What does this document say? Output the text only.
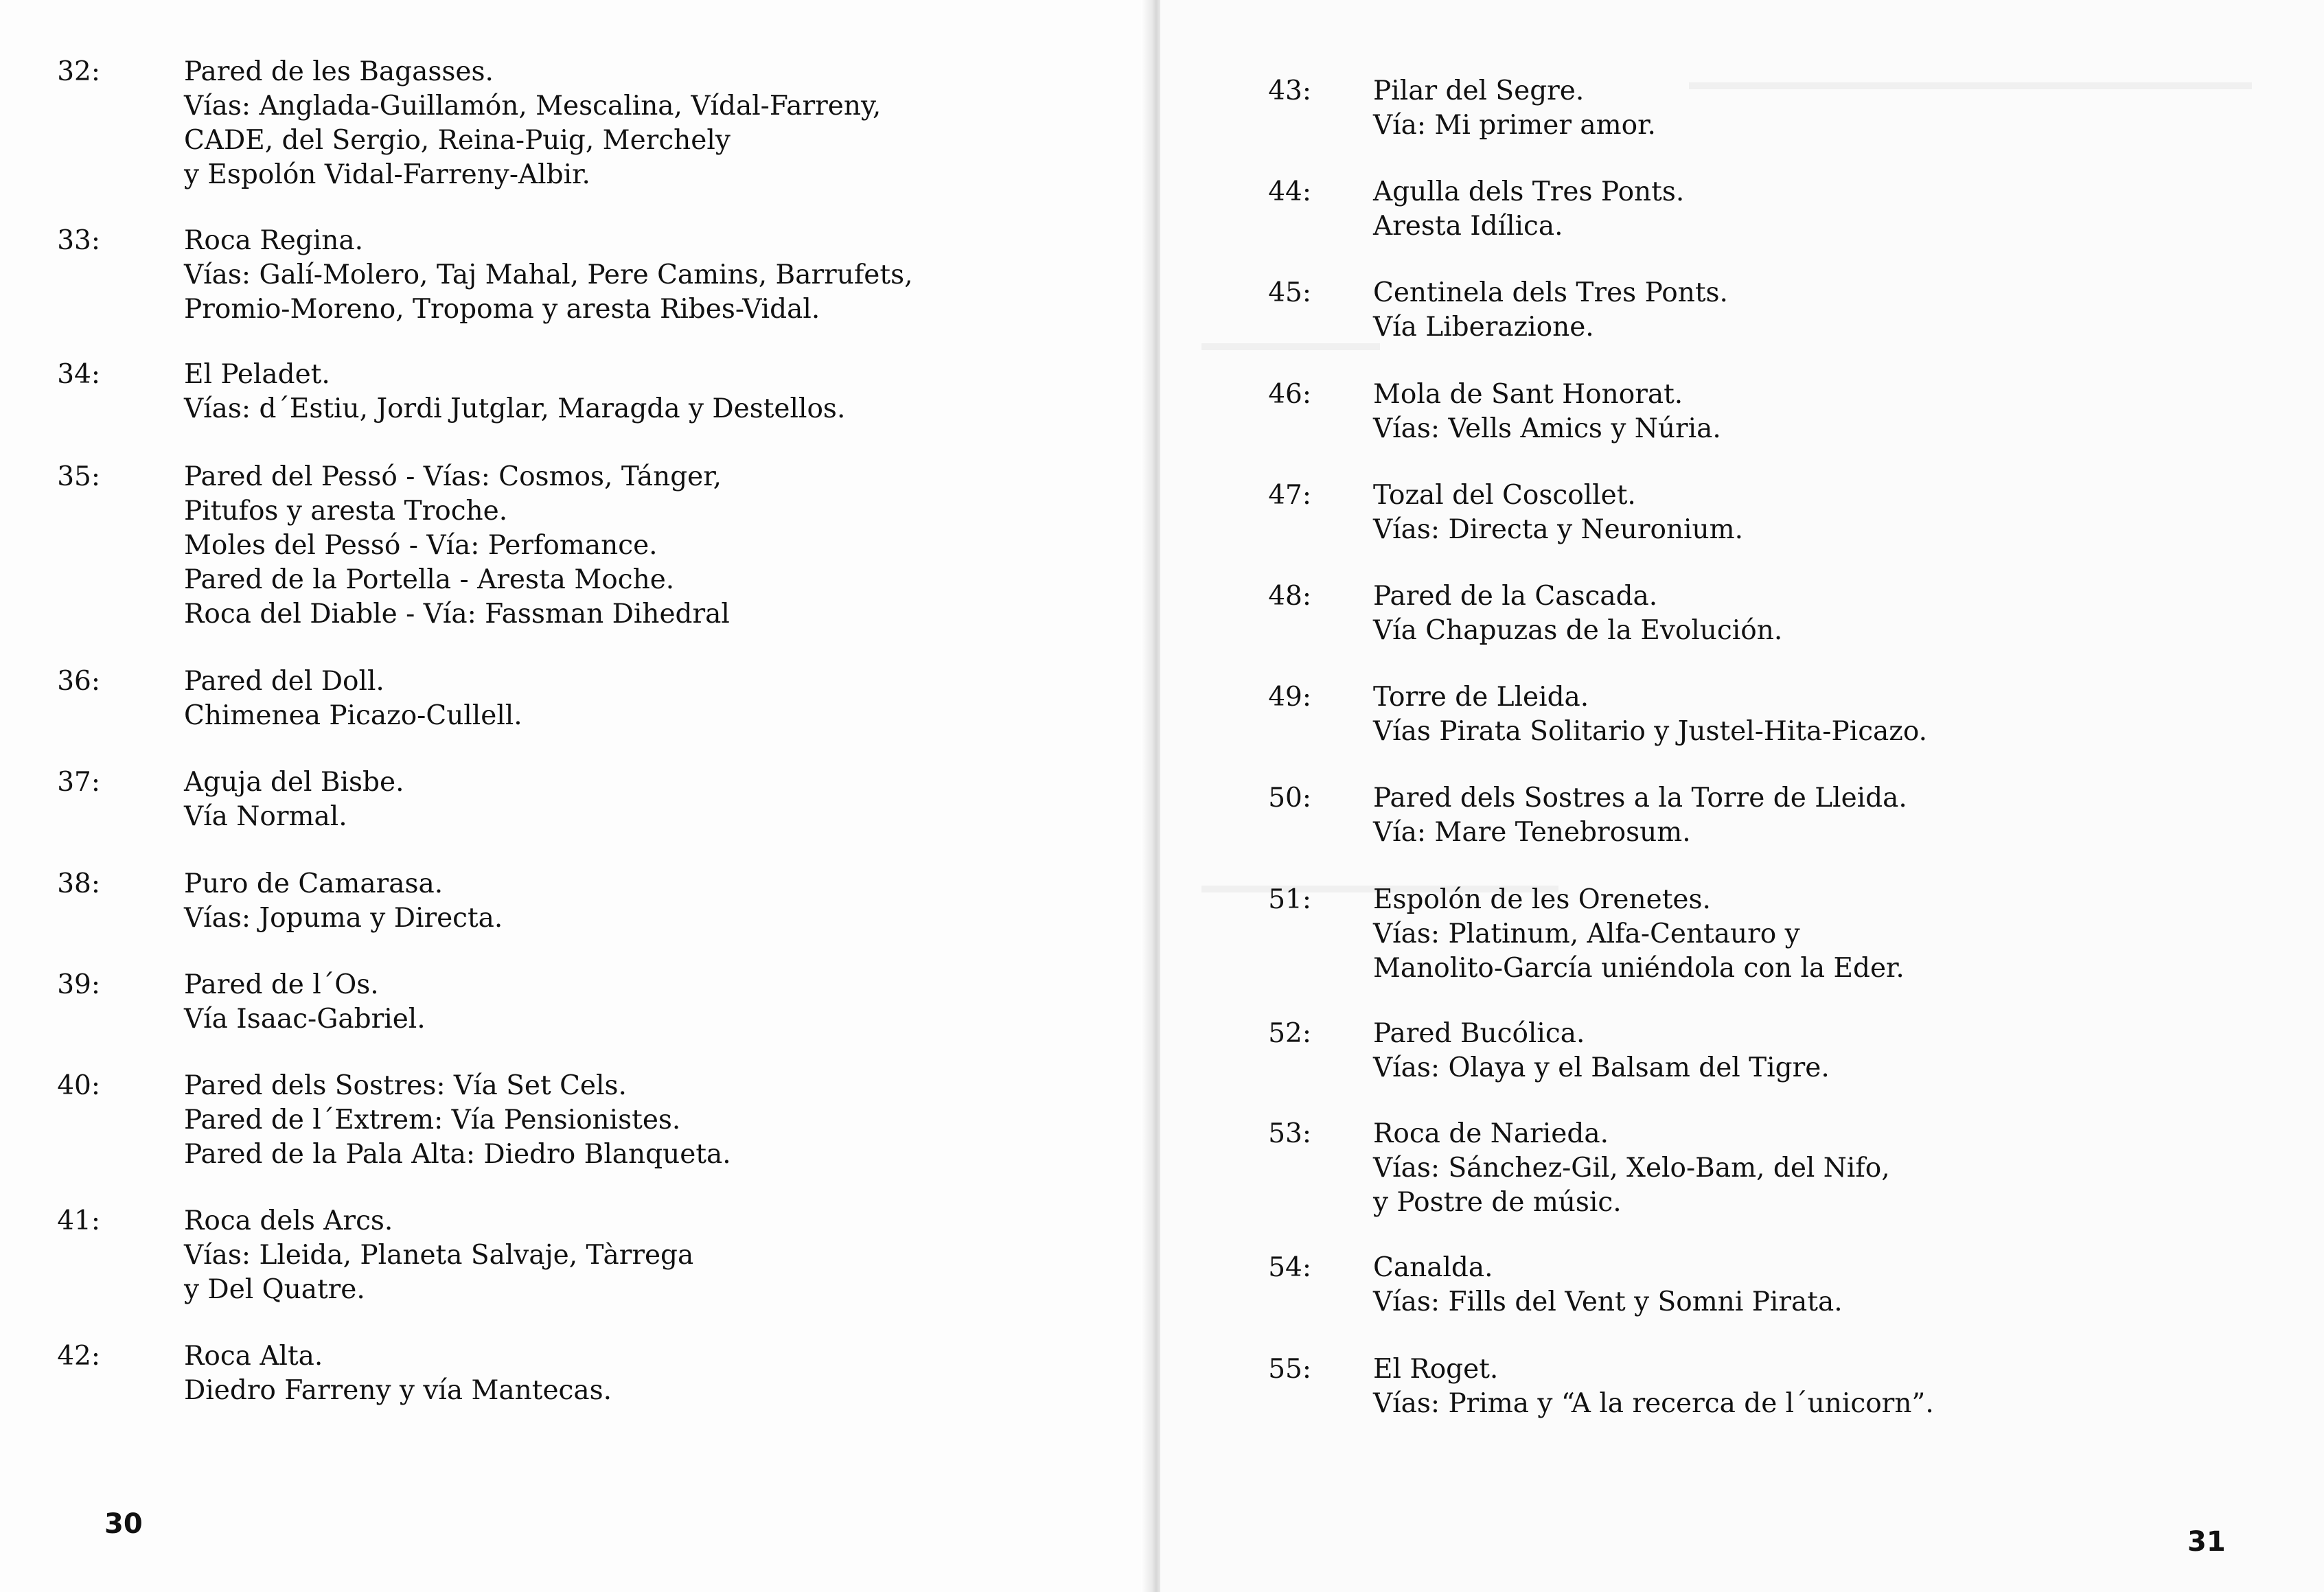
32:	Pared de les Bagasses.
Vías: Anglada-Guillamón, Mescalina, Vídal-Farreny,
CADE, del Sergio, Reina-Puig, Merchely
y Espolón Vidal-Farreny-Albir.
33:	Roca Regina.
Vías: Galí-Molero, Taj Mahal, Pere Camins, Barrufets,
Promio-Moreno, Tropoma y aresta Ribes-Vidal.
34:	El Peladet.
Vías: d´Estiu, Jordi Jutglar, Maragda y Destellos.
35:	Pared del Pessó - Vías: Cosmos, Tánger,
Pitufos y aresta Troche.
Moles del Pessó - Vía: Perfomance.
Pared de la Portella - Aresta Moche.
Roca del Diable - Vía: Fassman Dihedral
36:	Pared del Doll.
Chimenea Picazo-Cullell.
37:	Aguja del Bisbe.
Vía Normal.
38:	Puro de Camarasa.
Vías: Jopuma y Directa.
39:	Pared de l´Os.
Vía Isaac-Gabriel.
40:	Pared dels Sostres: Vía Set Cels.
Pared de l´Extrem: Vía Pensionistes.
Pared de la Pala Alta: Diedro Blanqueta.
41:	Roca dels Arcs.
Vías: Lleida, Planeta Salvaje, Tàrrega
y Del Quatre.
42:	Roca Alta.
Diedro Farreny y vía Mantecas.
30
43: Pilar del Segre.
Vía: Mi primer amor.
44: Agulla dels Tres Ponts.
Aresta Idílica.
45: Centinela dels Tres Ponts.
Vía Liberazione.
46: Mola de Sant Honorat.
Vías: Vells Amics y Núria.
47: Tozal del Coscollet.
Vías: Directa y Neuronium.
48: Pared de la Cascada.
Vía Chapuzas de la Evolución.
49: Torre de Lleida.
Vías Pirata Solitario y Justel-Hita-Picazo.
50: Pared dels Sostres a la Torre de Lleida.
Vía: Mare Tenebrosum.
51: Espolón de les Orenetes.
Vías: Platinum, Alfa-Centauro y
Manolito-García uniéndola con la Eder.
52: Pared Bucólica.
Vías: Olaya y el Balsam del Tigre.
53: Roca de Narieda.
Vías: Sánchez-Gil, Xelo-Bam, del Nifo,
y Postre de músic.
54: Canalda.
Vías: Fills del Vent y Somni Pirata.
55: El Roget.
Vías: Prima y “A la recerca de l´unicorn”.
31
